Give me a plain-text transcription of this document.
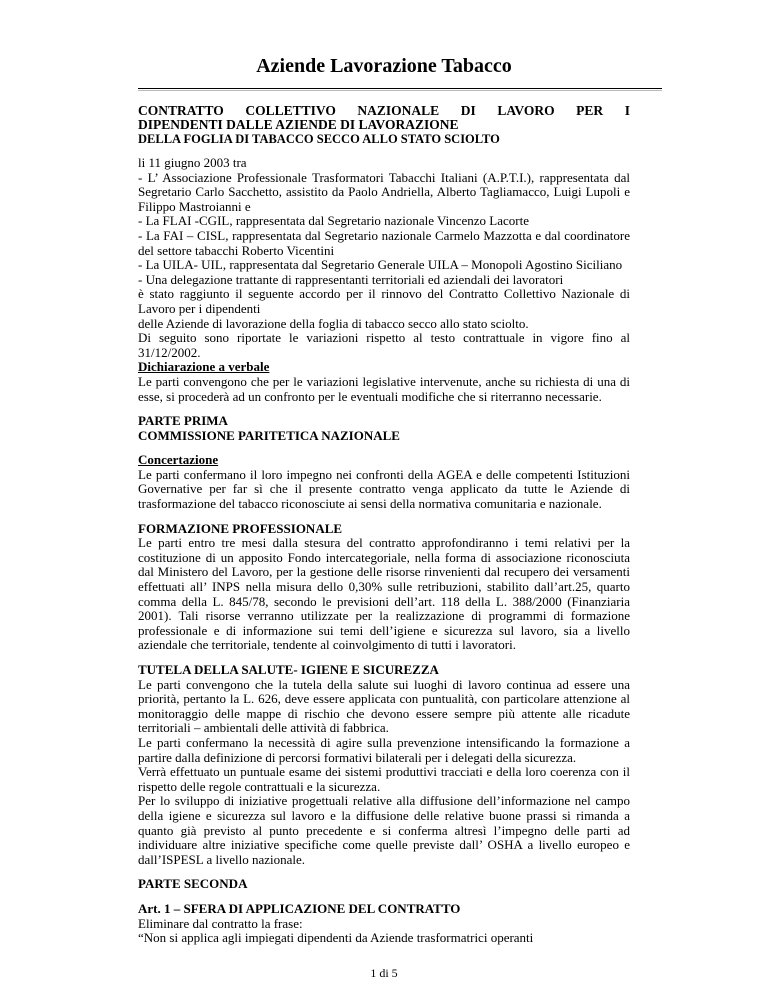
Aziende Lavorazione Tabacco
CONTRATTO COLLETTIVO NAZIONALE DI LAVORO PER I
DIPENDENTI DALLE AZIENDE DI LAVORAZIONE
DELLA FOGLIA DI TABACCO SECCO ALLO STATO SCIOLTO

li 11 giugno 2003 tra

- L’ Associazione Professionale Trasformatori Tabacchi Italiani (A.P.T.I.), rappresentata dal Segretario Carlo Sacchetto, assistito da Paolo Andriella, Alberto Tagliamacco, Luigi Lupoli e Filippo Mastroianni e

- La FLAI -CGIL, rappresentata dal Segretario nazionale Vincenzo Lacorte

- La FAI – CISL, rappresentata dal Segretario nazionale Carmelo Mazzotta e dal coordinatore del settore tabacchi Roberto Vicentini

- La UILA- UIL, rappresentata dal Segretario Generale UILA – Monopoli Agostino Siciliano

- Una delegazione trattante di rappresentanti territoriali ed aziendali dei lavoratori

è stato raggiunto il seguente accordo per il rinnovo del Contratto Collettivo Nazionale di Lavoro per i dipendenti

delle Aziende di lavorazione della foglia di tabacco secco allo stato sciolto.

Di seguito sono riportate le variazioni rispetto al testo contrattuale in vigore fino al 31/12/2002.

Dichiarazione a verbale

Le parti convengono che per le variazioni legislative intervenute, anche su richiesta di una di esse, si procederà ad un confronto per le eventuali modifiche che si riterranno necessarie.

PARTE PRIMA

COMMISSIONE PARITETICA NAZIONALE

Concertazione

Le parti confermano il loro impegno nei confronti della AGEA e delle competenti Istituzioni Governative per far sì che il presente contratto venga applicato da tutte le Aziende di trasformazione del tabacco riconosciute ai sensi della normativa comunitaria e nazionale.

FORMAZIONE PROFESSIONALE

Le parti entro tre mesi dalla stesura del contratto approfondiranno i temi relativi per la costituzione di un apposito Fondo intercategoriale, nella forma di associazione riconosciuta dal Ministero del Lavoro, per la gestione delle risorse rinvenienti dal recupero dei versamenti effettuati all’ INPS nella misura dello 0,30% sulle retribuzioni, stabilito dall’art.25, quarto comma della L. 845/78, secondo le previsioni dell’art. 118 della L. 388/2000 (Finanziaria 2001). Tali risorse verranno utilizzate per la realizzazione di programmi di formazione professionale e di informazione sui temi dell’igiene e sicurezza sul lavoro, sia a livello aziendale che territoriale, tendente al coinvolgimento di tutti i lavoratori.

TUTELA DELLA SALUTE- IGIENE E SICUREZZA

Le parti convengono che la tutela della salute sui luoghi di lavoro continua ad essere una priorità, pertanto la L. 626, deve essere applicata con puntualità, con particolare attenzione al monitoraggio delle mappe di rischio che devono essere sempre più attente alle ricadute territoriali – ambientali delle attività di fabbrica.

Le parti confermano la necessità di agire sulla prevenzione intensificando la formazione a partire dalla definizione di percorsi formativi bilaterali per i delegati della sicurezza.

Verrà effettuato un puntuale esame dei sistemi produttivi tracciati e della loro coerenza con il rispetto delle regole contrattuali e la sicurezza.

Per lo sviluppo di iniziative progettuali relative alla diffusione dell’informazione nel campo della igiene e sicurezza sul lavoro e la diffusione delle relative buone prassi si rimanda a quanto già previsto al punto precedente e si conferma altresì l’impegno delle parti ad individuare altre iniziative specifiche come quelle previste dall’ OSHA a livello europeo e dall’ISPESL a livello nazionale.

PARTE SECONDA

Art. 1 – SFERA DI APPLICAZIONE DEL CONTRATTO

Eliminare dal contratto la frase:

“Non si applica agli impiegati dipendenti da Aziende trasformatrici operanti

1 di 5
